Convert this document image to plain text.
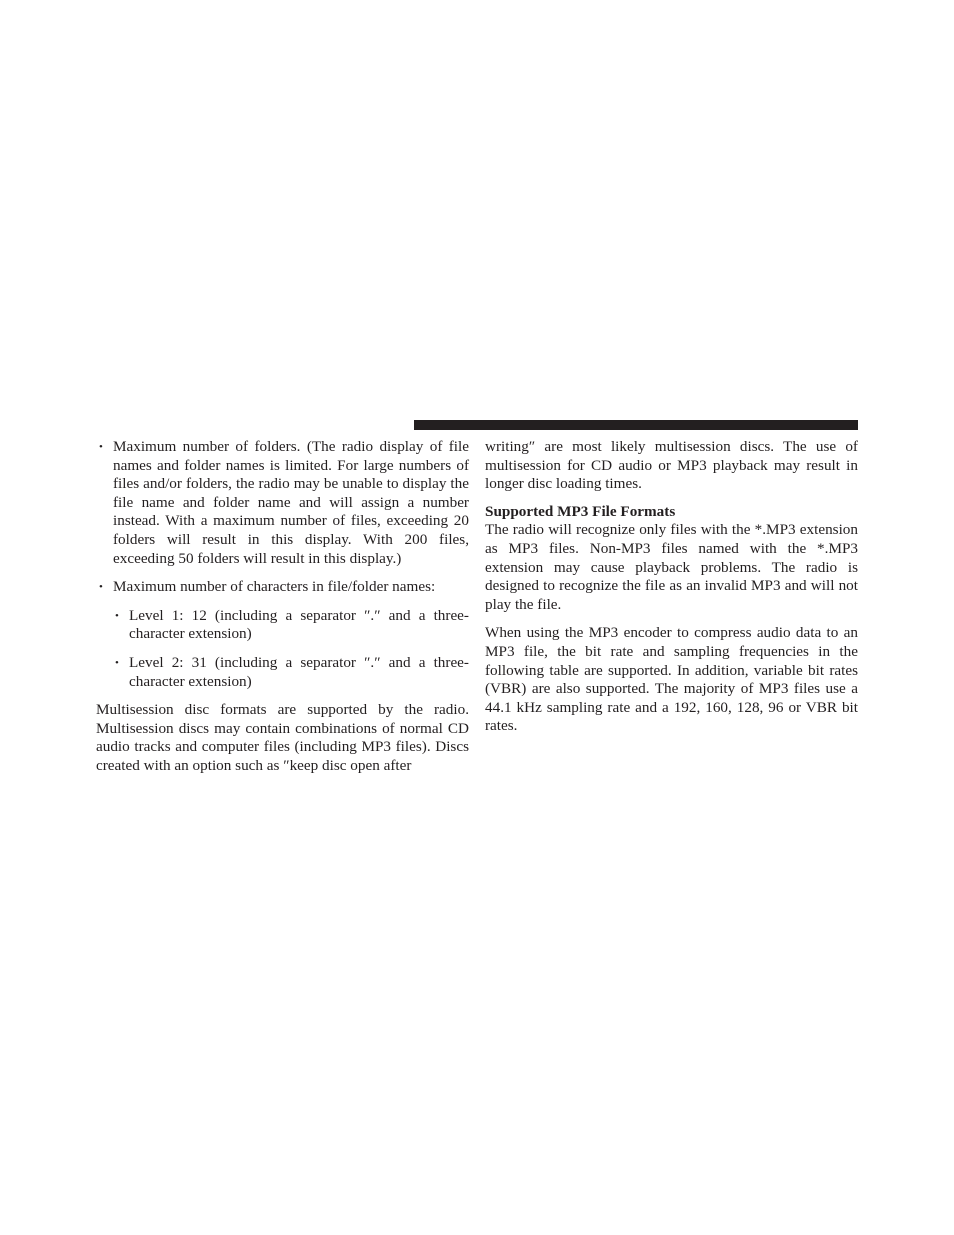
• Maximum number of folders. (The radio display of file names and folder names is limited. For large numbers of files and/or folders, the radio may be unable to display the file name and folder name and will assign a number instead. With a maximum number of files, exceeding 20 folders will result in this display. With 200 files, exceeding 50 folders will result in this display.)
• Maximum number of characters in file/folder names:
• Level 1: 12 (including a separator ″.″ and a three-character extension)
• Level 2: 31 (including a separator ″.″ and a three-character extension)

Multisession disc formats are supported by the radio. Multisession discs may contain combinations of normal CD audio tracks and computer files (including MP3 files). Discs created with an option such as ″keep disc open after

writing″ are most likely multisession discs. The use of multisession for CD audio or MP3 playback may result in longer disc loading times.

Supported MP3 File Formats

The radio will recognize only files with the *.MP3 extension as MP3 files. Non-MP3 files named with the *.MP3 extension may cause playback problems. The radio is designed to recognize the file as an invalid MP3 and will not play the file.

When using the MP3 encoder to compress audio data to an MP3 file, the bit rate and sampling frequencies in the following table are supported. In addition, variable bit rates (VBR) are also supported. The majority of MP3 files use a 44.1 kHz sampling rate and a 192, 160, 128, 96 or VBR bit rates.
